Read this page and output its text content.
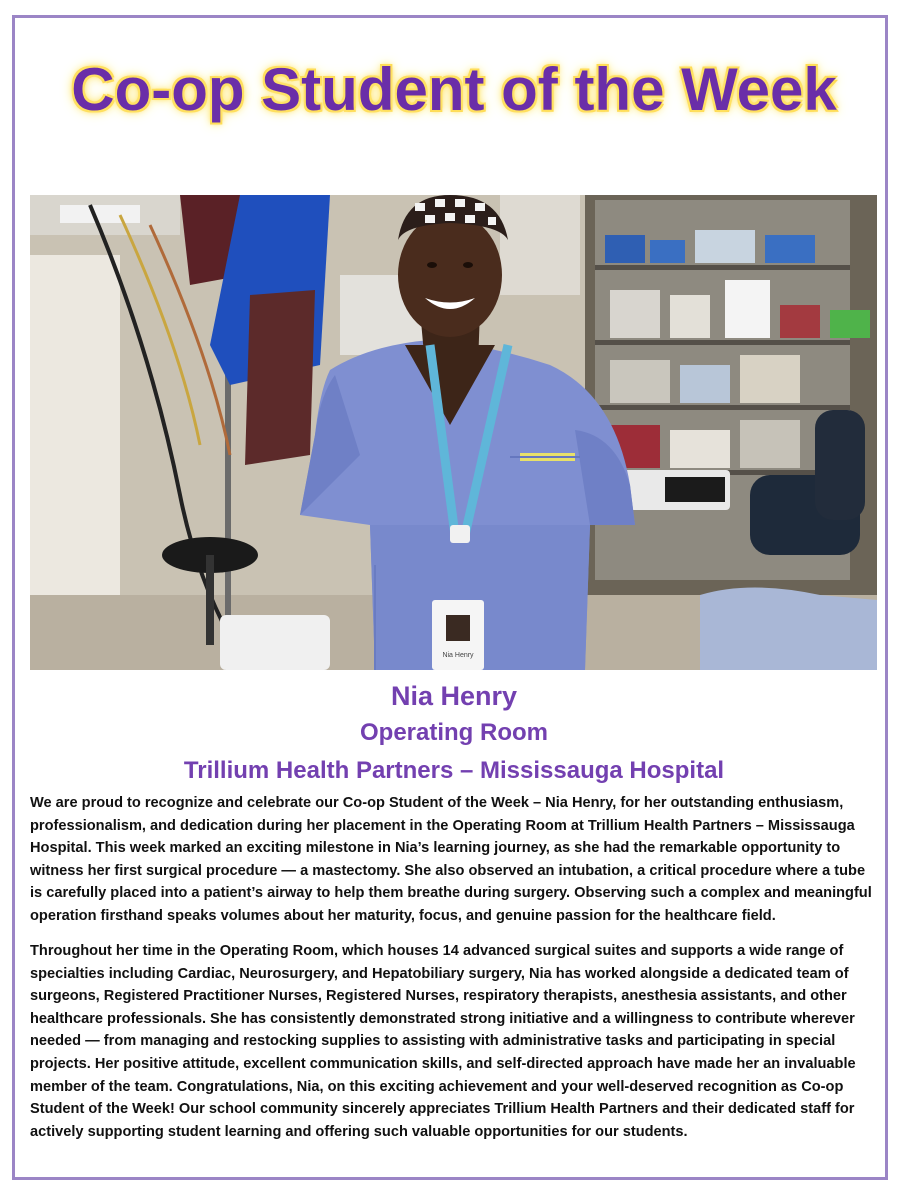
Co-op Student of the Week
Nia Henry
Nia Henry
Operating Room
Trillium Health Partners – Mississauga Hospital

We are proud to recognize and celebrate our Co-op Student of the Week – Nia Henry, for her outstanding enthusiasm, professionalism, and dedication during her placement in the Operating Room at Trillium Health Partners – Mississauga Hospital. This week marked an exciting milestone in Nia’s learning journey, as she had the remarkable opportunity to witness her first surgical procedure — a mastectomy. She also observed an intubation, a critical procedure where a tube is carefully placed into a patient’s airway to help them breathe during surgery. Observing such a complex and meaningful operation firsthand speaks volumes about her maturity, focus, and genuine passion for the healthcare field.

Throughout her time in the Operating Room, which houses 14 advanced surgical suites and supports a wide range of specialties including Cardiac, Neurosurgery, and Hepatobiliary surgery, Nia has worked alongside a dedicated team of surgeons, Registered Practitioner Nurses, Registered Nurses, respiratory therapists, anesthesia assistants, and other healthcare professionals. She has consistently demonstrated strong initiative and a willingness to contribute wherever needed — from managing and restocking supplies to assisting with administrative tasks and participating in special projects. Her positive attitude, excellent communication skills, and self-directed approach have made her an invaluable member of the team. Congratulations, Nia, on this exciting achievement and your well-deserved recognition as Co-op Student of the Week! Our school community sincerely appreciates Trillium Health Partners and their dedicated staff for actively supporting student learning and offering such valuable opportunities for our students.
